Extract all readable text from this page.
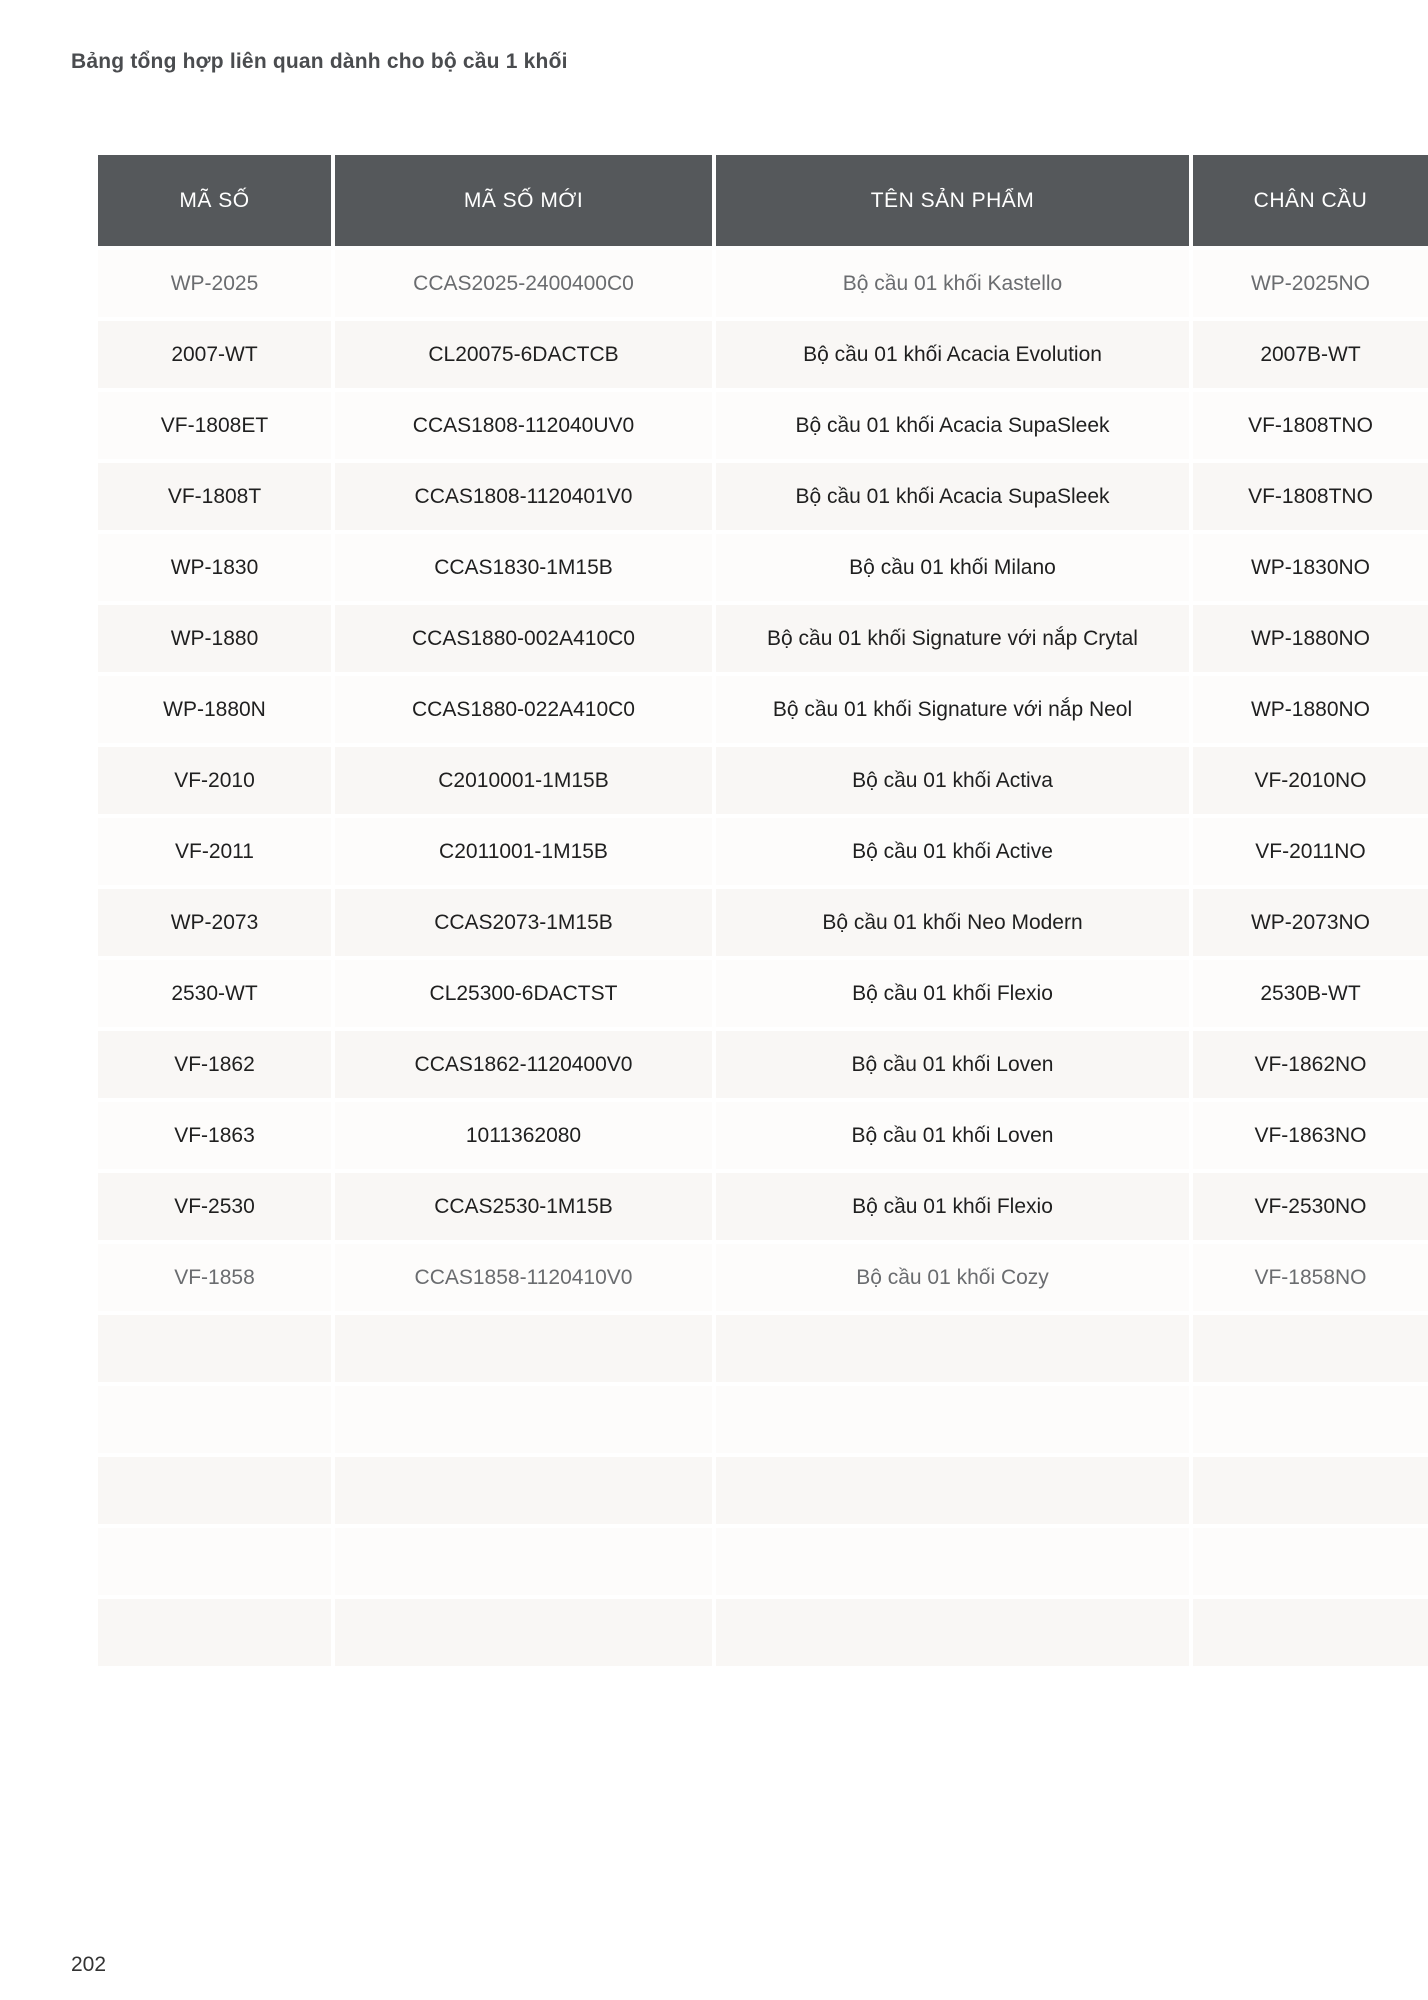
Bảng tổng hợp liên quan dành cho bộ cầu 1 khối
MÃ SỐ	MÃ SỐ MỚI	TÊN SẢN PHẨM	CHÂN CẦU
WP-2025	CCAS2025-2400400C0	Bộ cầu 01 khối Kastello	WP-2025NO
2007-WT	CL20075-6DACTCB	Bộ cầu 01 khối Acacia Evolution	2007B-WT
VF-1808ET	CCAS1808-112040UV0	Bộ cầu 01 khối Acacia SupaSleek	VF-1808TNO
VF-1808T	CCAS1808-1120401V0	Bộ cầu 01 khối Acacia SupaSleek	VF-1808TNO
WP-1830	CCAS1830-1M15B	Bộ cầu 01 khối Milano	WP-1830NO
WP-1880	CCAS1880-002A410C0	Bộ cầu 01 khối Signature với nắp Crytal	WP-1880NO
WP-1880N	CCAS1880-022A410C0	Bộ cầu 01 khối Signature với nắp Neol	WP-1880NO
VF-2010	C2010001-1M15B	Bộ cầu 01 khối Activa	VF-2010NO
VF-2011	C2011001-1M15B	Bộ cầu 01 khối Active	VF-2011NO
WP-2073	CCAS2073-1M15B	Bộ cầu 01 khối Neo Modern	WP-2073NO
2530-WT	CL25300-6DACTST	Bộ cầu 01 khối Flexio	2530B-WT
VF-1862	CCAS1862-1120400V0	Bộ cầu 01 khối Loven	VF-1862NO
VF-1863	1011362080	Bộ cầu 01 khối Loven	VF-1863NO
VF-2530	CCAS2530-1M15B	Bộ cầu 01 khối Flexio	VF-2530NO
VF-1858	CCAS1858-1120410V0	Bộ cầu 01 khối Cozy	VF-1858NO

202
